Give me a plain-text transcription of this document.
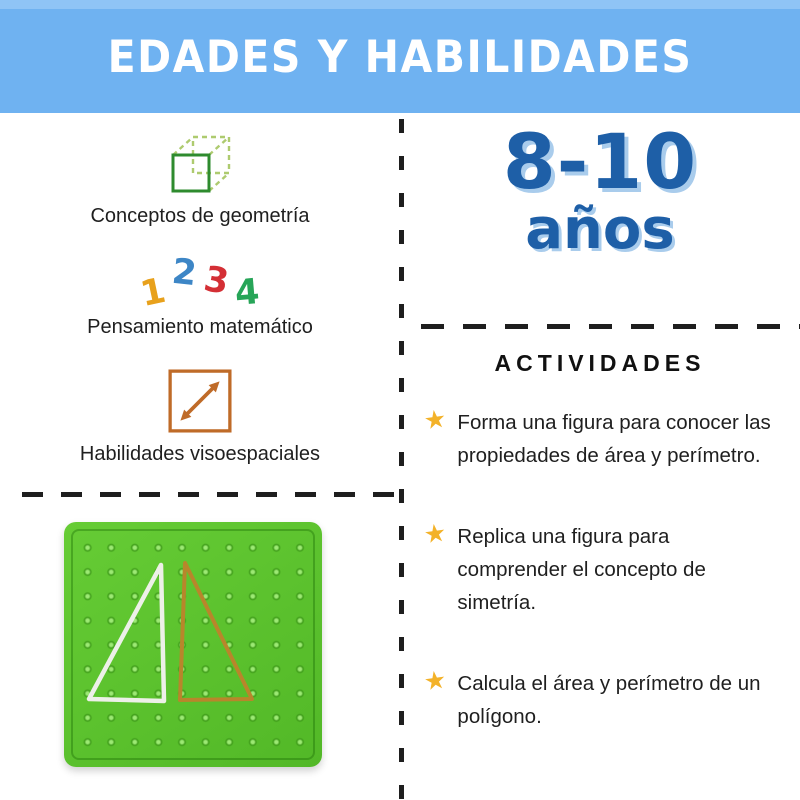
EDADES Y HABILIDADES
Conceptos de geometría
1 2 3 4
Pensamiento matemático
Habilidades visoespaciales
8-10
años
ACTIVIDADES
★ Forma una figura para conocer las propiedades de área y perímetro.
★ Replica una figura para comprender el concepto de simetría.
★ Calcula el área y perímetro de un polígono.
